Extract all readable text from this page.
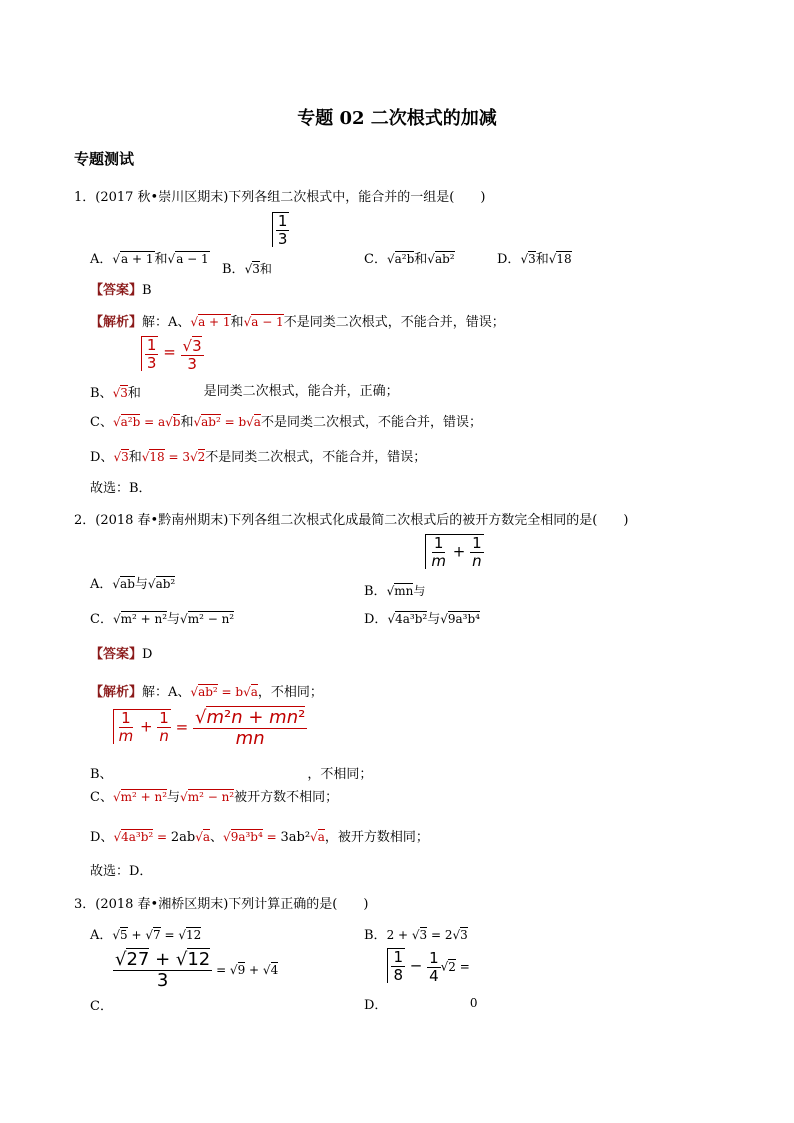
专题 02 二次根式的加减
专题测试
1．(2017 秋•崇川区期末)下列各组二次根式中，能合并的一组是(　　)
A．√a + 1和√a − 1
B．√3和
$\frac{1}{3}$
C．√a²b和√ab²	D．√3和√18
【答案】B
【解析】解：A、√a + 1和√a − 1不是同类二次根式，不能合并，错误；
B、√3和
$\frac{1}{3} = \frac{√3}{3}$
是同类二次根式，能合并，正确；
C、√a²b = a√b和√ab² = b√a不是同类二次根式，不能合并，错误；
D、√3和√18 = 3√2不是同类二次根式，不能合并，错误；
故选：B．
2．(2018 春•黔南州期末)下列各组二次根式化成最简二次根式后的被开方数完全相同的是(　　)
A．√ab与√ab²	B．√mn与
$\frac{1}{m} + \frac{1}{n}$
C．√m² + n²与√m² − n²	D．√4a³b²与√9a³b⁴
【答案】D
【解析】解：A、√ab² = b√a，不相同；
B、
$\frac{1}{m} + \frac{1}{n} = \frac{\text{√m²n + mn²}}{mn}$
，不相同；
C、√m² + n²与√m² − n²被开方数不相同；
D、√4a³b² = 2ab√a、√9a³b⁴ = 3ab²√a，被开方数相同；
故选：D．
3．(2018 春•湘桥区期末)下列计算正确的是(　　)
A．√5 + √7 = √12	B．2 + √3 = 2√3
C．
$\frac{√27 + √12}{3} = √9 + √4$
D．
$\frac{1}{8} - \frac{1}{4} √2 =0$
